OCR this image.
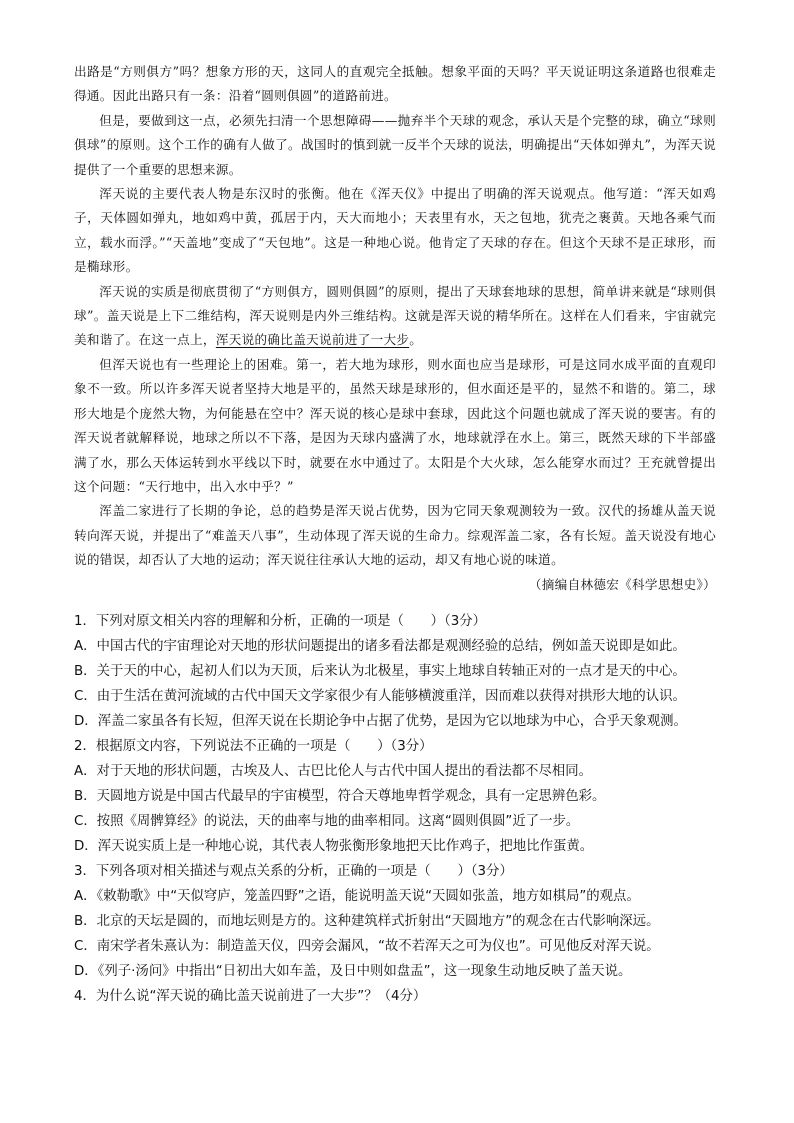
出路是“方则俱方”吗？想象方形的天，这同人的直观完全抵触。想象平面的天吗？平天说证明这条道路也很难走得通。因此出路只有一条：沿着“圆则俱圆”的道路前进。

但是，要做到这一点，必须先扫清一个思想障碍——抛弃半个天球的观念，承认天是个完整的球，确立“球则俱球”的原则。这个工作的确有人做了。战国时的慎到就一反半个天球的说法，明确提出“天体如弹丸”，为浑天说提供了一个重要的思想来源。

浑天说的主要代表人物是东汉时的张衡。他在《浑天仪》中提出了明确的浑天说观点。他写道：“浑天如鸡子，天体圆如弹丸，地如鸡中黄，孤居于内，天大而地小；天表里有水，天之包地，犹壳之裹黄。天地各乘气而立，载水而浮。”“天盖地”变成了“天包地”。这是一种地心说。他肯定了天球的存在。但这个天球不是正球形，而是椭球形。

浑天说的实质是彻底贯彻了“方则俱方，圆则俱圆”的原则，提出了天球套地球的思想，简单讲来就是“球则俱球”。盖天说是上下二维结构，浑天说则是内外三维结构。这就是浑天说的精华所在。这样在人们看来，宇宙就完美和谐了。在这一点上，浑天说的确比盖天说前进了一大步。

但浑天说也有一些理论上的困难。第一，若大地为球形，则水面也应当是球形，可是这同水成平面的直观印象不一致。所以许多浑天说者坚持大地是平的，虽然天球是球形的，但水面还是平的，显然不和谐的。第二，球形大地是个庞然大物，为何能悬在空中？浑天说的核心是球中套球，因此这个问题也就成了浑天说的要害。有的浑天说者就解释说，地球之所以不下落，是因为天球内盛满了水，地球就浮在水上。第三，既然天球的下半部盛满了水，那么天体运转到水平线以下时，就要在水中通过了。太阳是个大火球，怎么能穿水而过？王充就曾提出这个问题：“天行地中，出入水中乎？”

浑盖二家进行了长期的争论，总的趋势是浑天说占优势，因为它同天象观测较为一致。汉代的扬雄从盖天说转向浑天说，并提出了“难盖天八事”，生动体现了浑天说的生命力。综观浑盖二家，各有长短。盖天说没有地心说的错误，却否认了大地的运动；浑天说往往承认大地的运动，却又有地心说的味道。

（摘编自林德宏《科学思想史》）

1．下列对原文相关内容的理解和分析，正确的一项是（　　）（3分）

A．中国古代的宇宙理论对天地的形状问题提出的诸多看法都是观测经验的总结，例如盖天说即是如此。

B．关于天的中心，起初人们以为天顶，后来认为北极星，事实上地球自转轴正对的一点才是天的中心。

C．由于生活在黄河流域的古代中国天文学家很少有人能够横渡重洋，因而难以获得对拱形大地的认识。

D．浑盖二家虽各有长短，但浑天说在长期论争中占据了优势，是因为它以地球为中心，合乎天象观测。

2．根据原文内容，下列说法不正确的一项是（　　）（3分）

A．对于天地的形状问题，古埃及人、古巴比伦人与古代中国人提出的看法都不尽相同。

B．天圆地方说是中国古代最早的宇宙模型，符合天尊地卑哲学观念，具有一定思辨色彩。

C．按照《周髀算经》的说法，天的曲率与地的曲率相同。这离“圆则俱圆”近了一步。

D．浑天说实质上是一种地心说，其代表人物张衡形象地把天比作鸡子，把地比作蛋黄。

3．下列各项对相关描述与观点关系的分析，正确的一项是（　　）（3分）

A．《敕勒歌》中“天似穹庐，笼盖四野”之语，能说明盖天说“天圆如张盖，地方如棋局”的观点。

B．北京的天坛是圆的，而地坛则是方的。这种建筑样式折射出“天圆地方”的观念在古代影响深远。

C．南宋学者朱熹认为：制造盖天仪，四旁会漏风，“故不若浑天之可为仪也”。可见他反对浑天说。

D．《列子·汤问》中指出“日初出大如车盖，及日中则如盘盂”，这一现象生动地反映了盖天说。

4．为什么说“浑天说的确比盖天说前进了一大步”？（4分）
